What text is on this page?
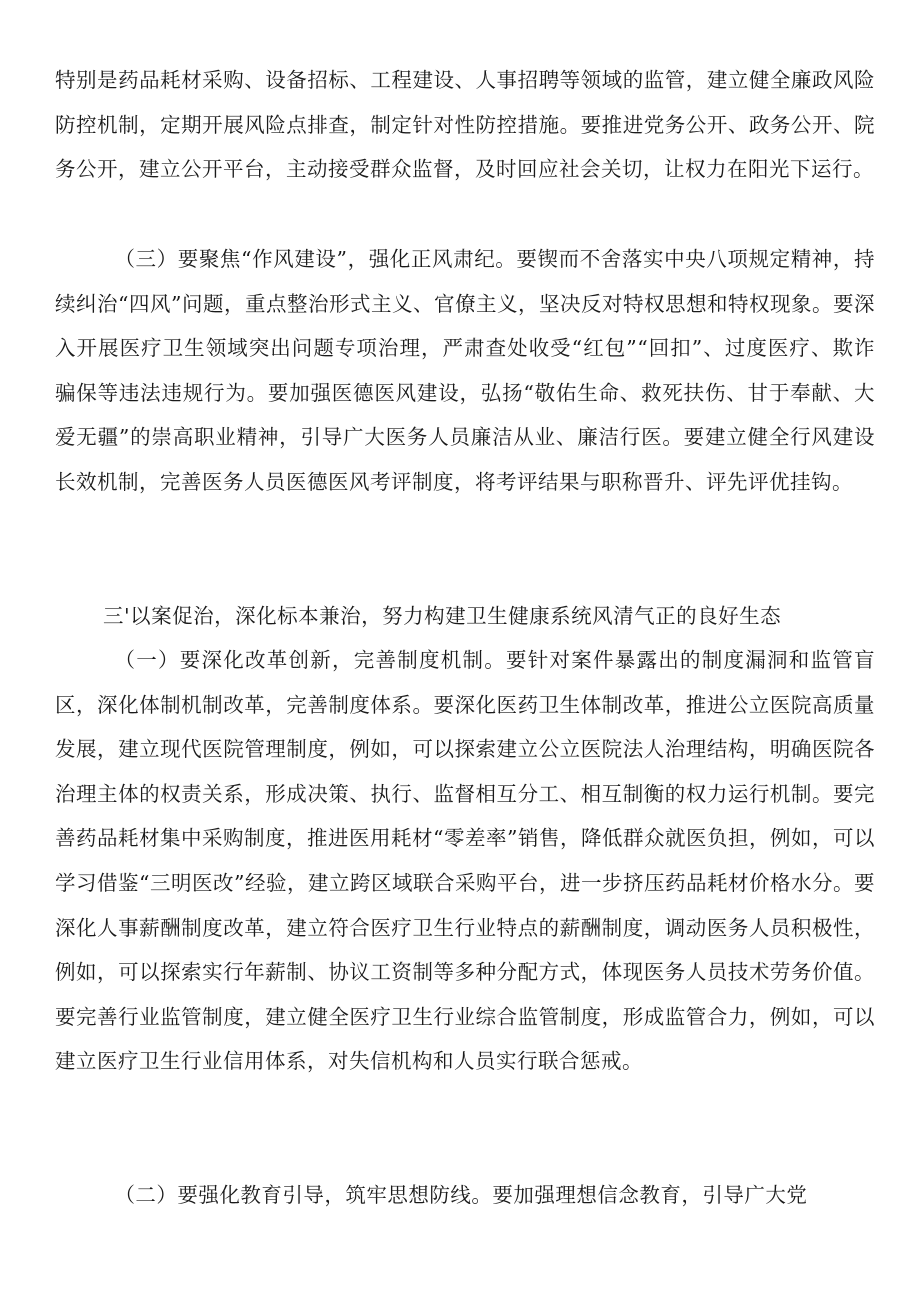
特别是药品耗材采购、设备招标、工程建设、人事招聘等领域的监管，建立健全廉政风险防控机制，定期开展风险点排查，制定针对性防控措施。要推进党务公开、政务公开、院务公开，建立公开平台，主动接受群众监督，及时回应社会关切，让权力在阳光下运行。

（三）要聚焦“作风建设”，强化正风肃纪。要锲而不舍落实中央八项规定精神，持续纠治“四风”问题，重点整治形式主义、官僚主义，坚决反对特权思想和特权现象。要深入开展医疗卫生领域突出问题专项治理，严肃查处收受“红包”“回扣”、过度医疗、欺诈骗保等违法违规行为。要加强医德医风建设，弘扬“敬佑生命、救死扶伤、甘于奉献、大爱无疆”的崇高职业精神，引导广大医务人员廉洁从业、廉洁行医。要建立健全行风建设长效机制，完善医务人员医德医风考评制度，将考评结果与职称晋升、评先评优挂钩。

三'以案促治，深化标本兼治，努力构建卫生健康系统风清气正的良好生态

（一）要深化改革创新，完善制度机制。要针对案件暴露出的制度漏洞和监管盲区，深化体制机制改革，完善制度体系。要深化医药卫生体制改革，推进公立医院高质量发展，建立现代医院管理制度，例如，可以探索建立公立医院法人治理结构，明确医院各治理主体的权责关系，形成决策、执行、监督相互分工、相互制衡的权力运行机制。要完善药品耗材集中采购制度，推进医用耗材“零差率”销售，降低群众就医负担，例如，可以学习借鉴“三明医改”经验，建立跨区域联合采购平台，进一步挤压药品耗材价格水分。要深化人事薪酬制度改革，建立符合医疗卫生行业特点的薪酬制度，调动医务人员积极性，例如，可以探索实行年薪制、协议工资制等多种分配方式，体现医务人员技术劳务价值。要完善行业监管制度，建立健全医疗卫生行业综合监管制度，形成监管合力，例如，可以建立医疗卫生行业信用体系，对失信机构和人员实行联合惩戒。

（二）要强化教育引导，筑牢思想防线。要加强理想信念教育，引导广大党
